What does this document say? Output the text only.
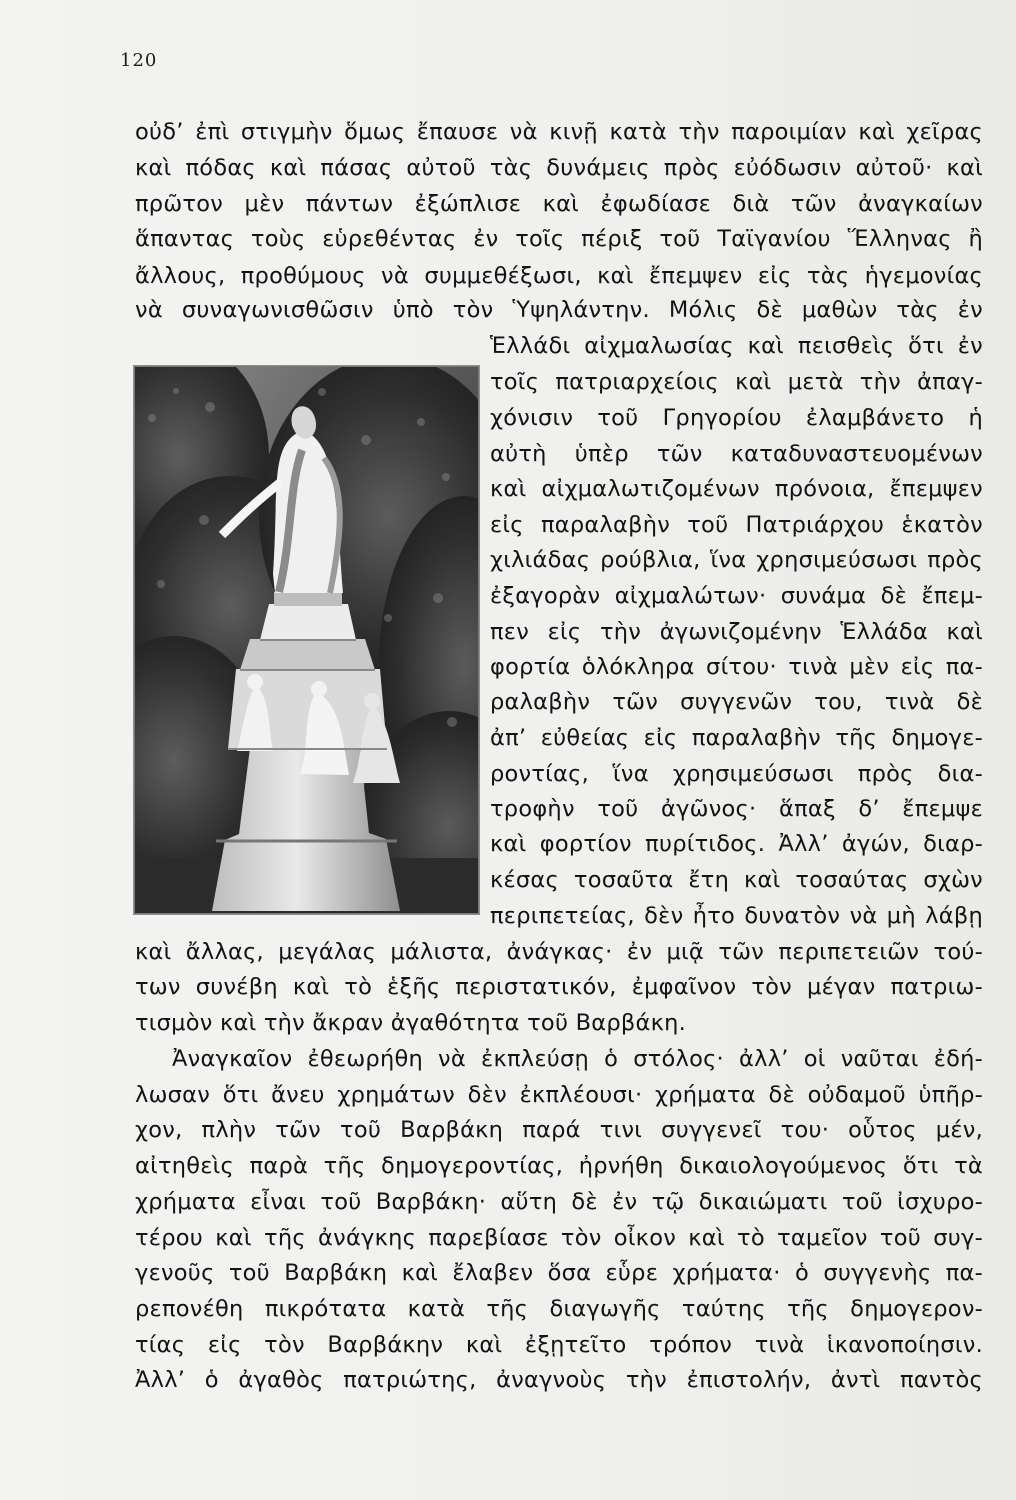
120
οὐδ’ ἐπὶ στιγμὴν ὅμως ἔπαυσε νὰ κινῇ κατὰ τὴν παροιμίαν καὶ χεῖρας
καὶ πόδας καὶ πάσας αὐτοῦ τὰς δυνάμεις πρὸς εὐόδωσιν αὐτοῦ· καὶ
πρῶτον μὲν πάντων ἐξώπλισε καὶ ἐφωδίασε διὰ τῶν ἀναγκαίων
ἅπαντας τοὺς εὑρεθέντας ἐν τοῖς πέριξ τοῦ Ταϊγανίου Ἕλληνας ἢ
ἄλλους, προθύμους νὰ συμμεθέξωσι, καὶ ἔπεμψεν εἰς τὰς ἡγεμονίας
νὰ συναγωνισθῶσιν ὑπὸ τὸν Ὑψηλάντην. Μόλις δὲ μαθὼν τὰς ἐν
Ἑλλάδι αἰχμαλωσίας καὶ πεισθεὶς ὅτι ἐν
τοῖς πατριαρχείοις καὶ μετὰ τὴν ἀπαγ-
χόνισιν τοῦ Γρηγορίου ἐλαμβάνετο ἡ
αὐτὴ ὑπὲρ τῶν καταδυναστευομένων
καὶ αἰχμαλωτιζομένων πρόνοια, ἔπεμψεν
εἰς παραλαβὴν τοῦ Πατριάρχου ἑκατὸν
χιλιάδας ρούβλια, ἵνα χρησιμεύσωσι πρὸς
ἐξαγορὰν αἰχμαλώτων· συνάμα δὲ ἔπεμ-
πεν εἰς τὴν ἀγωνιζομένην Ἑλλάδα καὶ
φορτία ὁλόκληρα σίτου· τινὰ μὲν εἰς πα-
ραλαβὴν τῶν συγγενῶν του, τινὰ δὲ
ἀπ’ εὐθείας εἰς παραλαβὴν τῆς δημογε-
ροντίας, ἵνα χρησιμεύσωσι πρὸς δια-
τροφὴν τοῦ ἀγῶνος· ἅπαξ δ’ ἔπεμψε
καὶ φορτίον πυρίτιδος. Ἀλλ’ ἀγών, διαρ-
κέσας τοσαῦτα ἔτη καὶ τοσαύτας σχὼν
περιπετείας, δὲν ἦτο δυνατὸν νὰ μὴ λάβῃ
καὶ ἄλλας, μεγάλας μάλιστα, ἀνάγκας· ἐν μιᾷ τῶν περιπετειῶν τού-
των συνέβη καὶ τὸ ἑξῆς περιστατικόν, ἐμφαῖνον τὸν μέγαν πατριω-
τισμὸν καὶ τὴν ἄκραν ἀγαθότητα τοῦ Βαρβάκη.
Ἀναγκαῖον ἐθεωρήθη νὰ ἐκπλεύσῃ ὁ στόλος· ἀλλ’ οἱ ναῦται ἐδή-
λωσαν ὅτι ἄνευ χρημάτων δὲν ἐκπλέουσι· χρήματα δὲ οὐδαμοῦ ὑπῆρ-
χον, πλὴν τῶν τοῦ Βαρβάκη παρά τινι συγγενεῖ του· οὗτος μέν,
αἰτηθεὶς παρὰ τῆς δημογεροντίας, ἠρνήθη δικαιολογούμενος ὅτι τὰ
χρήματα εἶναι τοῦ Βαρβάκη· αὕτη δὲ ἐν τῷ δικαιώματι τοῦ ἰσχυρο-
τέρου καὶ τῆς ἀνάγκης παρεβίασε τὸν οἶκον καὶ τὸ ταμεῖον τοῦ συγ-
γενοῦς τοῦ Βαρβάκη καὶ ἔλαβεν ὅσα εὗρε χρήματα· ὁ συγγενὴς πα-
ρεπονέθη πικρότατα κατὰ τῆς διαγωγῆς ταύτης τῆς δημογερον-
τίας εἰς τὸν Βαρβάκην καὶ ἐξῃτεῖτο τρόπον τινὰ ἱκανοποίησιν.
Ἀλλ’ ὁ ἀγαθὸς πατριώτης, ἀναγνοὺς τὴν ἐπιστολήν, ἀντὶ παντὸς
